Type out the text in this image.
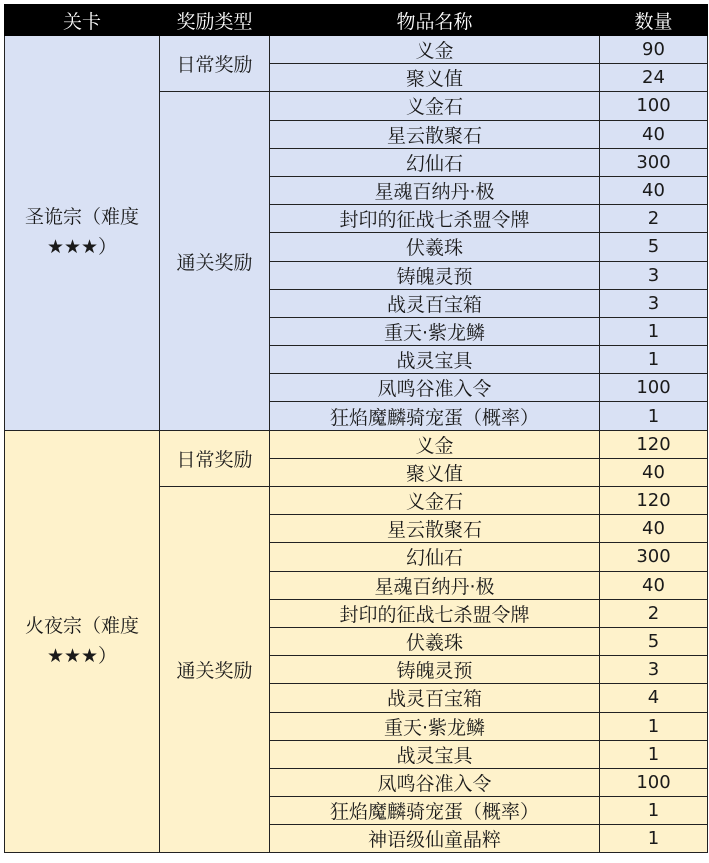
关卡	奖励类型	物品名称	数量
圣诡宗（难度★★★）	日常奖励	义金	90
		聚义值	24
	通关奖励	义金石	100
		星云散聚石	40
		幻仙石	300
		星魂百纳丹·极	40
		封印的征战七杀盟令牌	2
		伏羲珠	5
		铸魄灵预	3
		战灵百宝箱	3
		重天·紫龙鳞	1
		战灵宝具	1
		凤鸣谷准入令	100
		狂焰魔麟骑宠蛋（概率）	1
火夜宗（难度★★★）	日常奖励	义金	120
		聚义值	40
	通关奖励	义金石	120
		星云散聚石	40
		幻仙石	300
		星魂百纳丹·极	40
		封印的征战七杀盟令牌	2
		伏羲珠	5
		铸魄灵预	3
		战灵百宝箱	4
		重天·紫龙鳞	1
		战灵宝具	1
		凤鸣谷准入令	100
		狂焰魔麟骑宠蛋（概率）	1
		神语级仙童晶粹	1
